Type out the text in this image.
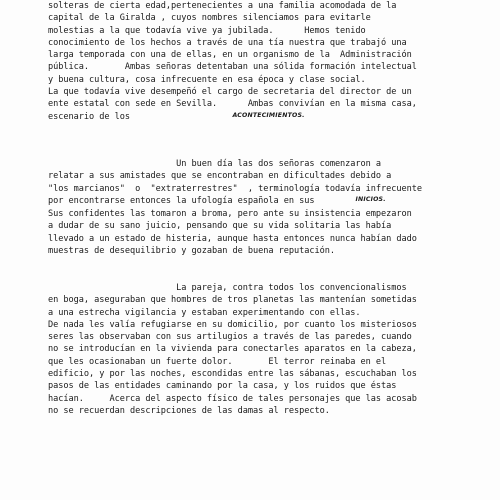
solteras de cierta edad,pertenecientes a una familia acomodada de la
capital de la Giralda , cuyos nombres silenciamos para evitarle
molestias a la que todavía vive ya jubilada.      Hemos tenido
conocimiento de los hechos a través de una tía nuestra que trabajó una
larga temporada con una de ellas, en un organismo de la  Administración
pública.       Ambas señoras detentaban una sólida formación intelectual
y buena cultura, cosa infrecuente en esa época y clase social.
La que todavía vive desempeñó el cargo de secretaria del director de un
ente estatal con sede en Sevilla.      Ambas convivían en la misma casa,
escenario de los	$^{ACONTECIMIENTOS.}$
Un buen día las dos señoras comenzaron a
relatar a sus amistades que se encontraban en dificultades debido a
"los marcianos"  o  "extraterrestres"  , terminología todavía infrecuente
por encontrarse entonces la ufología española en sus	$^{INICIOS.}$
Sus confidentes las tomaron a broma, pero ante su insistencia empezaron
a dudar de su sano juicio, pensando que su vida solitaria las había
llevado a un estado de histeria, aunque hasta entonces nunca habían dado
muestras de desequilibrio y gozaban de buena reputación.
La pareja, contra todos los convencionalismos
en boga, aseguraban que hombres de tros planetas las mantenían sometidas
a una estrecha vigilancia y estaban experimentando con ellas.
De nada les valía refugiarse en su domicilio, por cuanto los misteriosos
seres las observaban con sus artilugios a través de las paredes, cuando
no se introducían en la vivienda para conectarles aparatos en la cabeza,
que les ocasionaban un fuerte dolor.       El terror reinaba en el
edificio, y por las noches, escondidas entre las sábanas, escuchaban los
pasos de las entidades caminando por la casa, y los ruidos que éstas
hacían.     Acerca del aspecto físico de tales personajes que las acosab
no se recuerdan descripciones de las damas al respecto.
